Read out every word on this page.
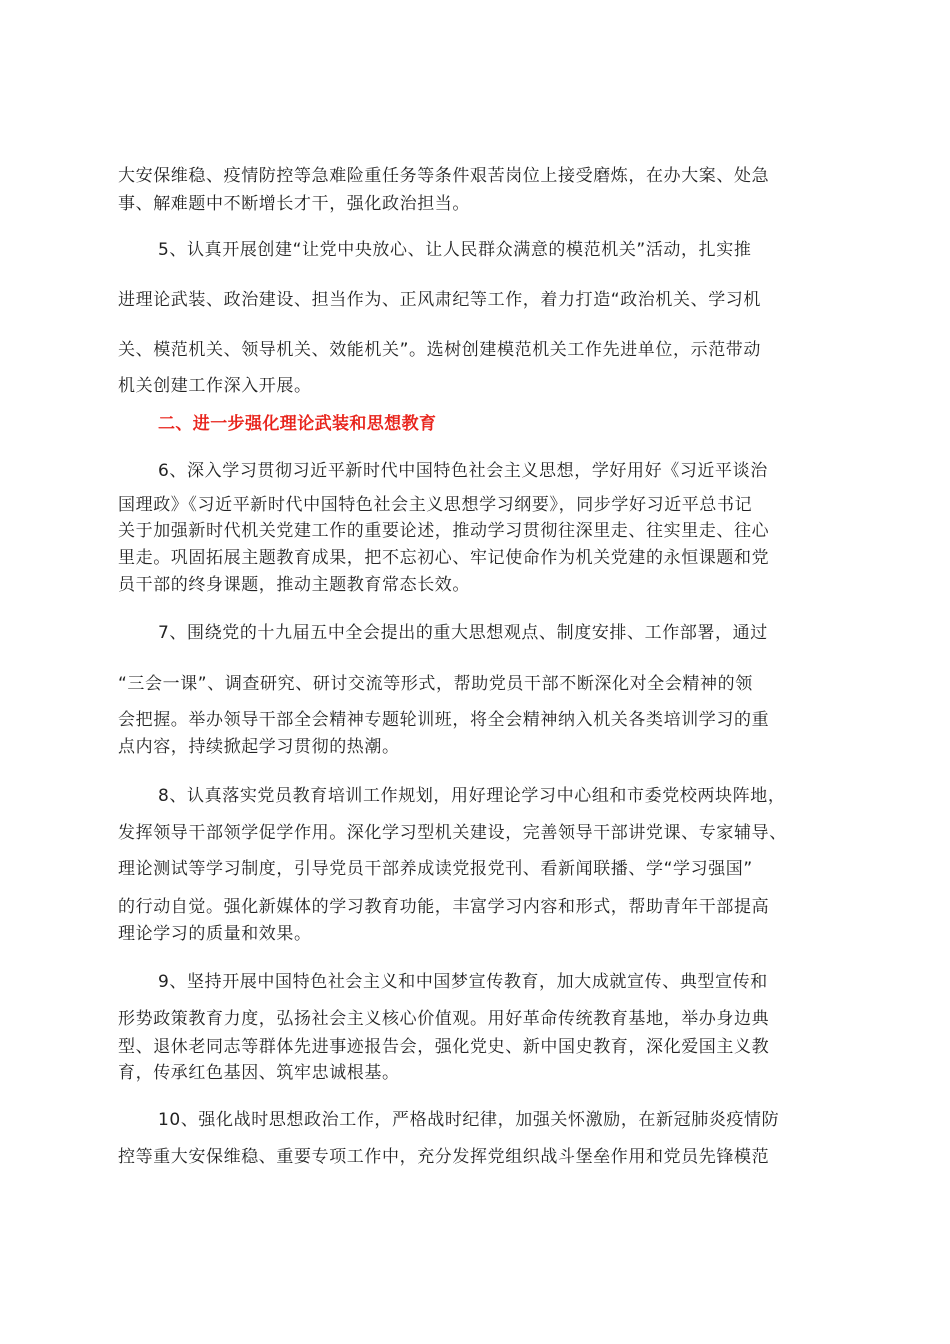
大安保维稳、疫情防控等急难险重任务等条件艰苦岗位上接受磨炼，在办大案、处急
事、解难题中不断增长才干，强化政治担当。
5、认真开展创建“让党中央放心、让人民群众满意的模范机关”活动，扎实推
进理论武装、政治建设、担当作为、正风肃纪等工作，着力打造“政治机关、学习机
关、模范机关、领导机关、效能机关”。选树创建模范机关工作先进单位，示范带动
机关创建工作深入开展。
二、进一步强化理论武装和思想教育
6、深入学习贯彻习近平新时代中国特色社会主义思想，学好用好《习近平谈治
国理政》《习近平新时代中国特色社会主义思想学习纲要》，同步学好习近平总书记
关于加强新时代机关党建工作的重要论述，推动学习贯彻往深里走、往实里走、往心
里走。巩固拓展主题教育成果，把不忘初心、牢记使命作为机关党建的永恒课题和党
员干部的终身课题，推动主题教育常态长效。
7、围绕党的十九届五中全会提出的重大思想观点、制度安排、工作部署，通过
“三会一课”、调查研究、研讨交流等形式，帮助党员干部不断深化对全会精神的领
会把握。举办领导干部全会精神专题轮训班，将全会精神纳入机关各类培训学习的重
点内容，持续掀起学习贯彻的热潮。
8、认真落实党员教育培训工作规划，用好理论学习中心组和市委党校两块阵地，
发挥领导干部领学促学作用。深化学习型机关建设，完善领导干部讲党课、专家辅导、
理论测试等学习制度，引导党员干部养成读党报党刊、看新闻联播、学“学习强国”
的行动自觉。强化新媒体的学习教育功能，丰富学习内容和形式，帮助青年干部提高
理论学习的质量和效果。
9、坚持开展中国特色社会主义和中国梦宣传教育，加大成就宣传、典型宣传和
形势政策教育力度，弘扬社会主义核心价值观。用好革命传统教育基地，举办身边典
型、退休老同志等群体先进事迹报告会，强化党史、新中国史教育，深化爱国主义教
育，传承红色基因、筑牢忠诚根基。
10、强化战时思想政治工作，严格战时纪律，加强关怀激励，在新冠肺炎疫情防
控等重大安保维稳、重要专项工作中，充分发挥党组织战斗堡垒作用和党员先锋模范
